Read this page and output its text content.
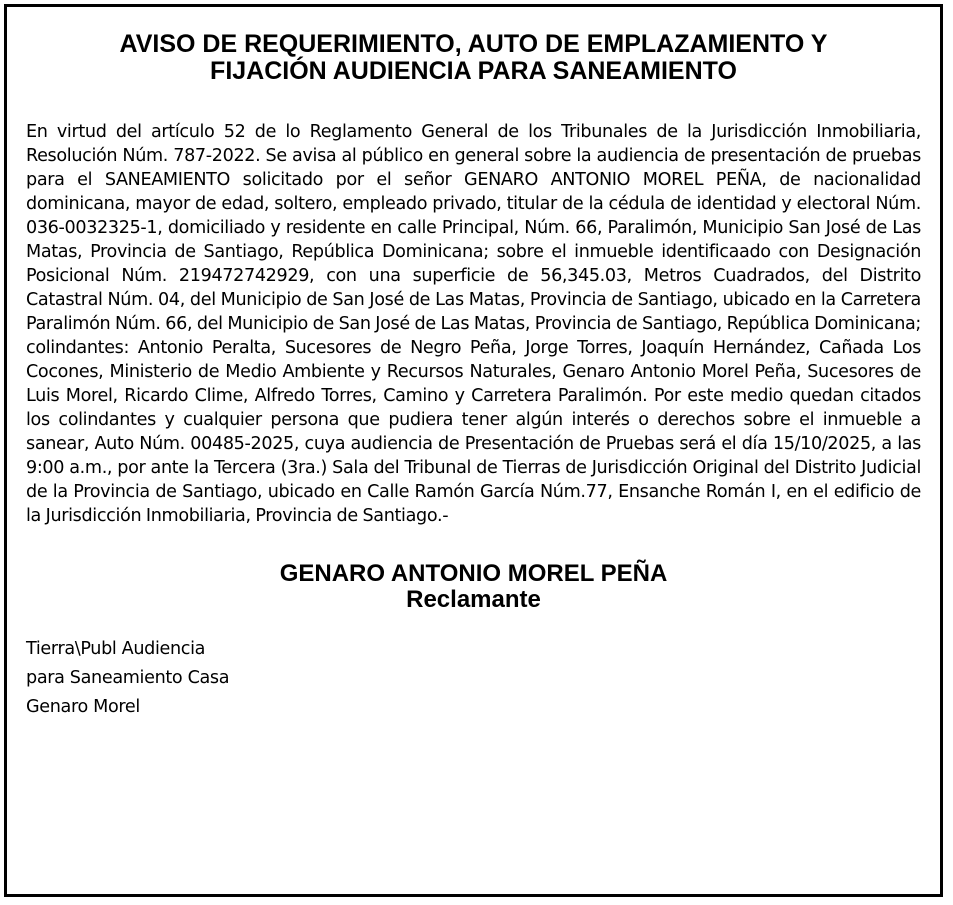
AVISO DE REQUERIMIENTO, AUTO DE EMPLAZAMIENTO Y
FIJACIÓN AUDIENCIA PARA SANEAMIENTO

En virtud del artículo 52 de lo Reglamento General de los Tribunales de la Jurisdicción Inmobiliaria, Resolución Núm. 787-2022. Se avisa al público en general sobre la audiencia de presentación de pruebas para el SANEAMIENTO solicitado por el señor GENARO ANTONIO MOREL PEÑA, de nacionalidad dominicana, mayor de edad, soltero, empleado privado, titular de la cédula de identidad y electoral Núm. 036-0032325-1, domiciliado y residente en calle Principal, Núm. 66, Paralimón, Municipio San José de Las Matas, Provincia de Santiago, República Dominicana; sobre el inmueble identificaado con Designación Posicional Núm. 219472742929, con una superficie de 56,345.03, Metros Cuadrados, del Distrito Catastral Núm. 04, del Municipio de San José de Las Matas, Provincia de Santiago, ubicado en la Carretera Paralimón Núm. 66, del Municipio de San José de Las Matas, Provincia de Santiago, República Dominicana; colindantes: Antonio Peralta, Sucesores de Negro Peña, Jorge Torres, Joaquín Hernández, Cañada Los Cocones, Ministerio de Medio Ambiente y Recursos Naturales, Genaro Antonio Morel Peña, Sucesores de Luis Morel, Ricardo Clime, Alfredo Torres, Camino y Carretera Paralimón. Por este medio quedan citados los colindantes y cualquier persona que pudiera tener algún interés o derechos sobre el inmueble a sanear, Auto Núm. 00485-2025, cuya audiencia de Presentación de Pruebas será el día 15/10/2025, a las 9:00 a.m., por ante la Tercera (3ra.) Sala del Tribunal de Tierras de Jurisdicción Original del Distrito Judicial de la Provincia de Santiago, ubicado en Calle Ramón García Núm.77, Ensanche Román I, en el edificio de la Jurisdicción Inmobiliaria, Provincia de Santiago.-

GENARO ANTONIO MOREL PEÑA
Reclamante
Tierra\Publ Audiencia
para Saneamiento Casa
Genaro Morel
